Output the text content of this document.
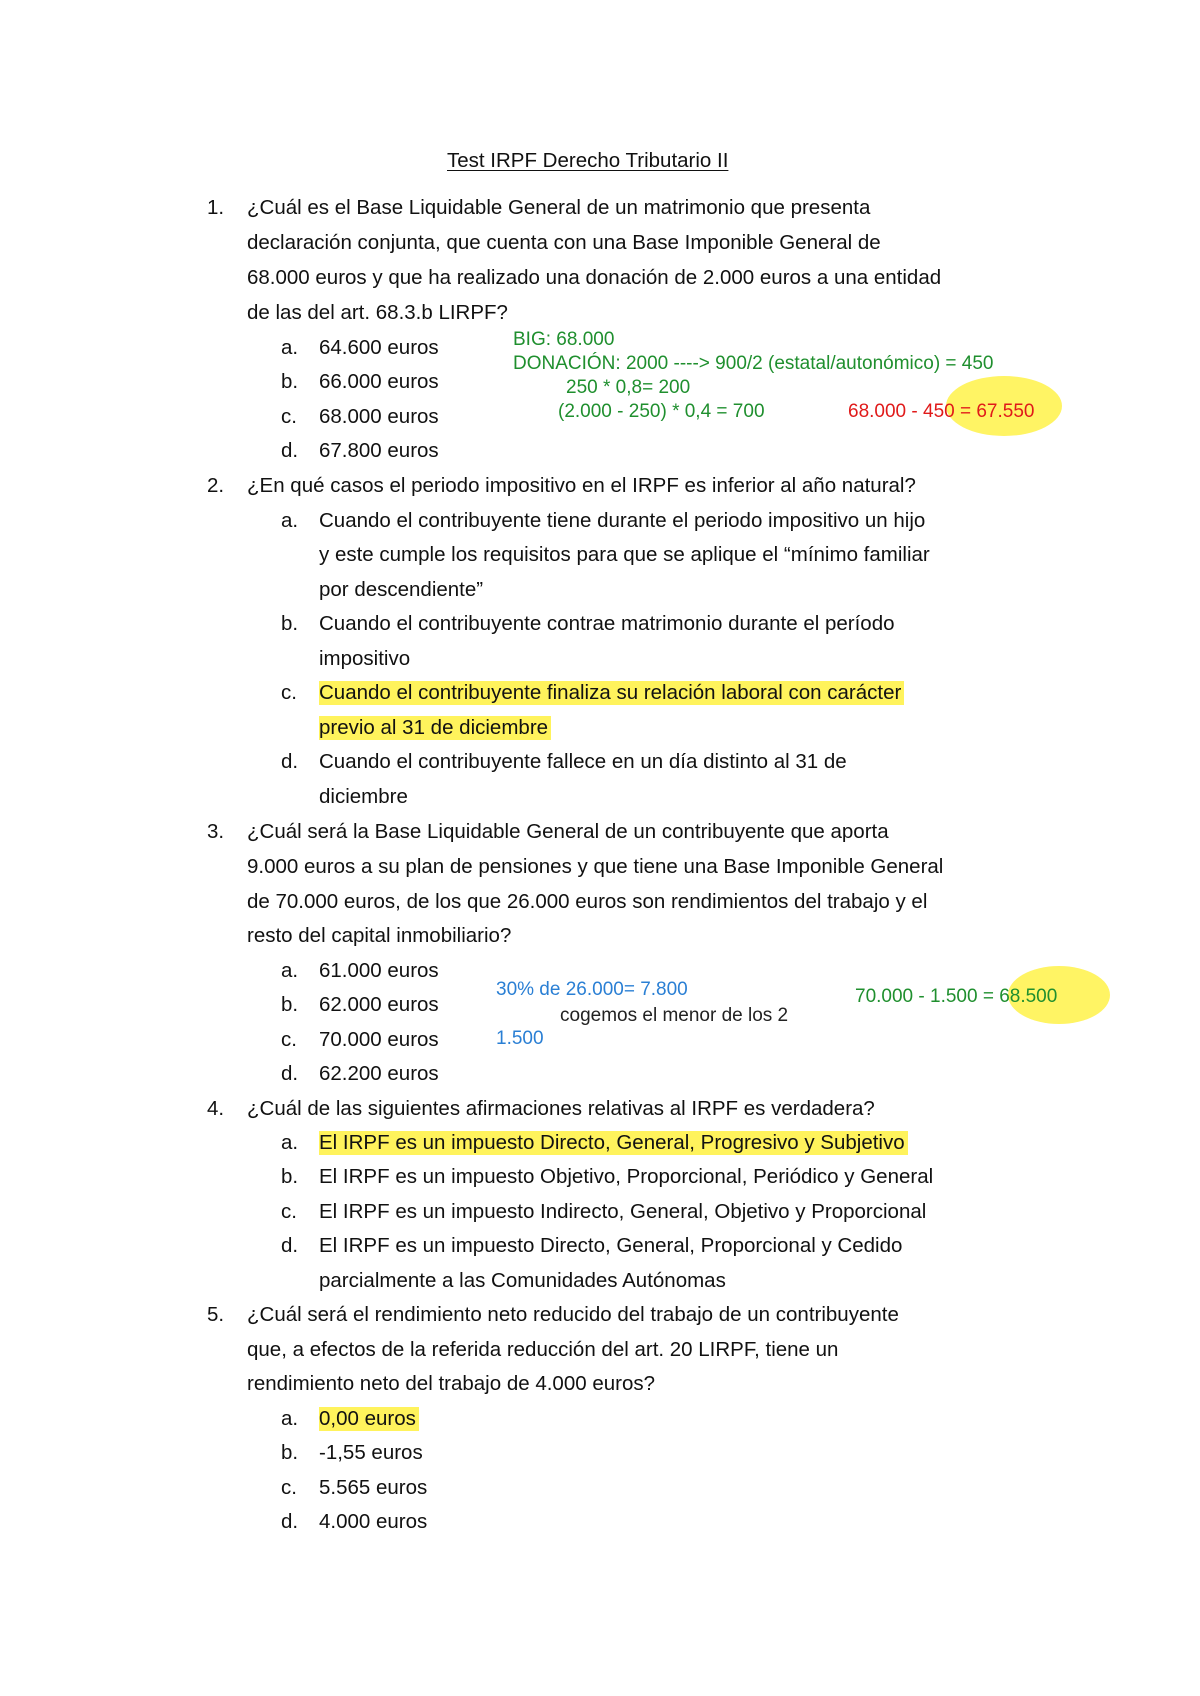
Test IRPF Derecho Tributario II
1. ¿Cuál es el Base Liquidable General de un matrimonio que presenta
declaración conjunta, que cuenta con una Base Imponible General de
68.000 euros y que ha realizado una donación de 2.000 euros a una entidad
de las del art. 68.3.b LIRPF?
a. 64.600 euros
b. 66.000 euros
c. 68.000 euros
d. 67.800 euros
BIG: 68.000
DONACIÓN: 2000 ----> 900/2 (estatal/autonómico) = 450
250 * 0,8= 200
(2.000 - 250) * 0,4 = 700	68.000 - 450 = 67.550
2. ¿En qué casos el periodo impositivo en el IRPF es inferior al año natural?
a. Cuando el contribuyente tiene durante el periodo impositivo un hijo
y este cumple los requisitos para que se aplique el “mínimo familiar
por descendiente”
b. Cuando el contribuyente contrae matrimonio durante el período
impositivo
c. Cuando el contribuyente finaliza su relación laboral con carácter
previo al 31 de diciembre
d. Cuando el contribuyente fallece en un día distinto al 31 de
diciembre
3. ¿Cuál será la Base Liquidable General de un contribuyente que aporta
9.000 euros a su plan de pensiones y que tiene una Base Imponible General
de 70.000 euros, de los que 26.000 euros son rendimientos del trabajo y el
resto del capital inmobiliario?
a. 61.000 euros
b. 62.000 euros
c. 70.000 euros
d. 62.200 euros
30% de 26.000= 7.800
cogemos el menor de los 2
1.500
70.000 - 1.500 = 68.500
4. ¿Cuál de las siguientes afirmaciones relativas al IRPF es verdadera?
a. El IRPF es un impuesto Directo, General, Progresivo y Subjetivo
b. El IRPF es un impuesto Objetivo, Proporcional, Periódico y General
c. El IRPF es un impuesto Indirecto, General, Objetivo y Proporcional
d. El IRPF es un impuesto Directo, General, Proporcional y Cedido
parcialmente a las Comunidades Autónomas
5. ¿Cuál será el rendimiento neto reducido del trabajo de un contribuyente
que, a efectos de la referida reducción del art. 20 LIRPF, tiene un
rendimiento neto del trabajo de 4.000 euros?
a. 0,00 euros
b. -1,55 euros
c. 5.565 euros
d. 4.000 euros
